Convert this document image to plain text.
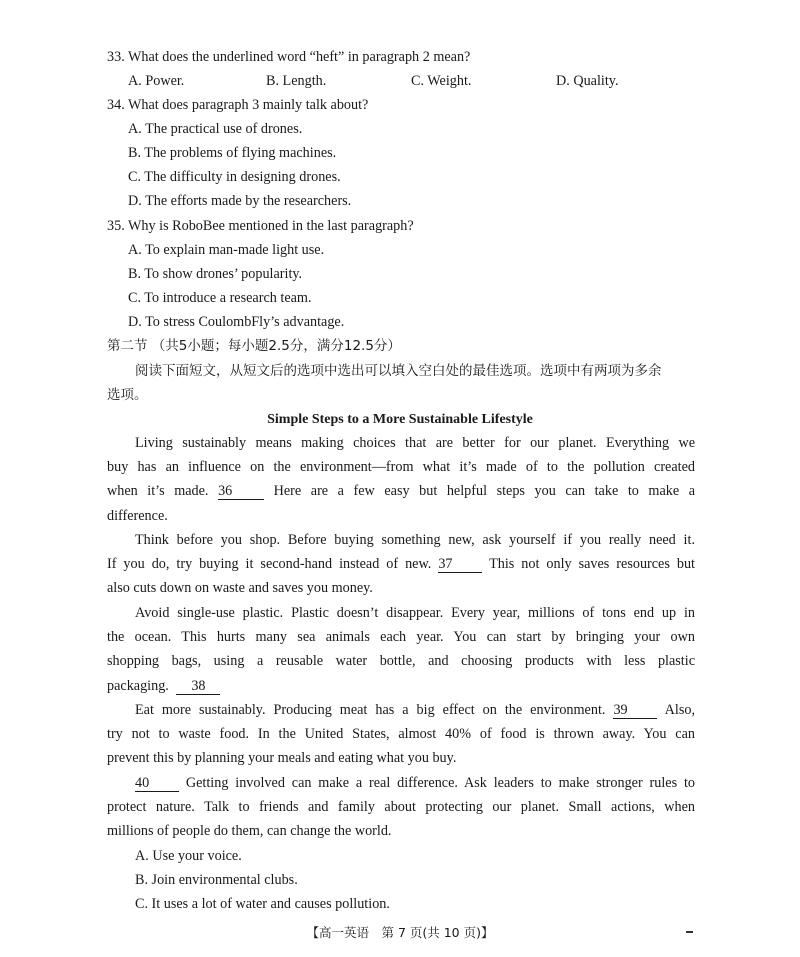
33. What does the underlined word “heft” in paragraph 2 mean?
A. Power.	B. Length.	C. Weight.	D. Quality.
34. What does paragraph 3 mainly talk about?
A. The practical use of drones.
B. The problems of flying machines.
C. The difficulty in designing drones.
D. The efforts made by the researchers.
35. Why is RoboBee mentioned in the last paragraph?
A. To explain man-made light use.
B. To show drones’ popularity.
C. To introduce a research team.
D. To stress CoulombFly’s advantage.
第二节 （共5小题；每小题2.5分，满分12.5分）
阅读下面短文，从短文后的选项中选出可以填入空白处的最佳选项。选项中有两项为多余
选项。
Simple Steps to a More Sustainable Lifestyle
Living sustainably means making choices that are better for our planet. Everything we
buy has an influence on the environment—from what it’s made of to the pollution created
when it’s made. 36	Here are a few easy but helpful steps you can take to make a
difference.
Think before you shop. Before buying something new, ask yourself if you really need it.
If you do, try buying it second-hand instead of new. 37	This not only saves resources but
also cuts down on waste and saves you money.
Avoid single-use plastic. Plastic doesn’t disappear. Every year, millions of tons end up in
the ocean. This hurts many sea animals each year. You can start by bringing your own
shopping bags, using a reusable water bottle, and choosing products with less plastic
packaging. 38
Eat more sustainably. Producing meat has a big effect on the environment. 39	Also,
try not to waste food. In the United States, almost 40% of food is thrown away. You can
prevent this by planning your meals and eating what you buy.
40	Getting involved can make a real difference. Ask leaders to make stronger rules to
protect nature. Talk to friends and family about protecting our planet. Small actions, when
millions of people do them, can change the world.
A. Use your voice.
B. Join environmental clubs.
C. It uses a lot of water and causes pollution.
【高一英语　第 7 页(共 10 页)】
